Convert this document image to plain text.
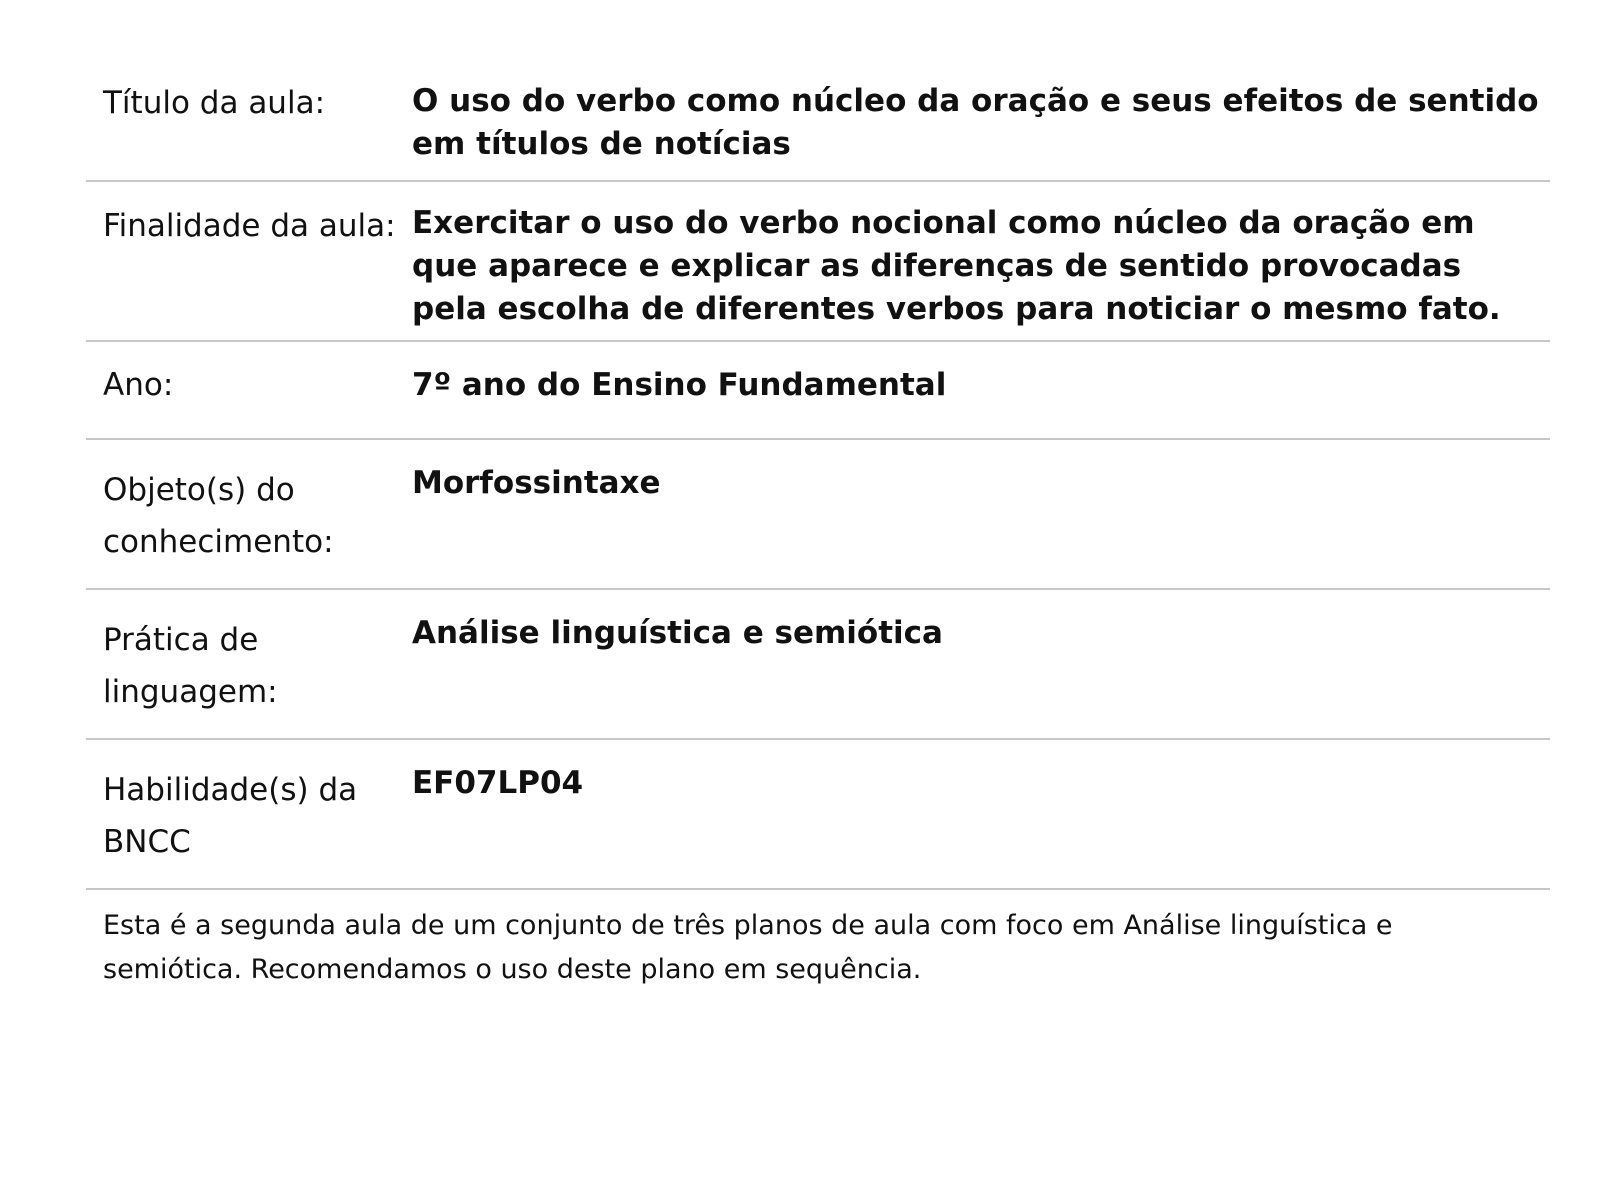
Título da aula:	O uso do verbo como núcleo da oração e seus efeitos de sentido em títulos de notícias
Finalidade da aula: Exercitar o uso do verbo nocional como núcleo da oração em que aparece e explicar as diferenças de sentido provocadas pela escolha de diferentes verbos para noticiar o mesmo fato.
Ano:	7º ano do Ensino Fundamental
Objeto(s) do conhecimento:
Morfossintaxe
Prática de linguagem:
Análise linguística e semiótica
Habilidade(s) da BNCC
EF07LP04
Esta é a segunda aula de um conjunto de três planos de aula com foco em Análise linguística e semiótica. Recomendamos o uso deste plano em sequência.
